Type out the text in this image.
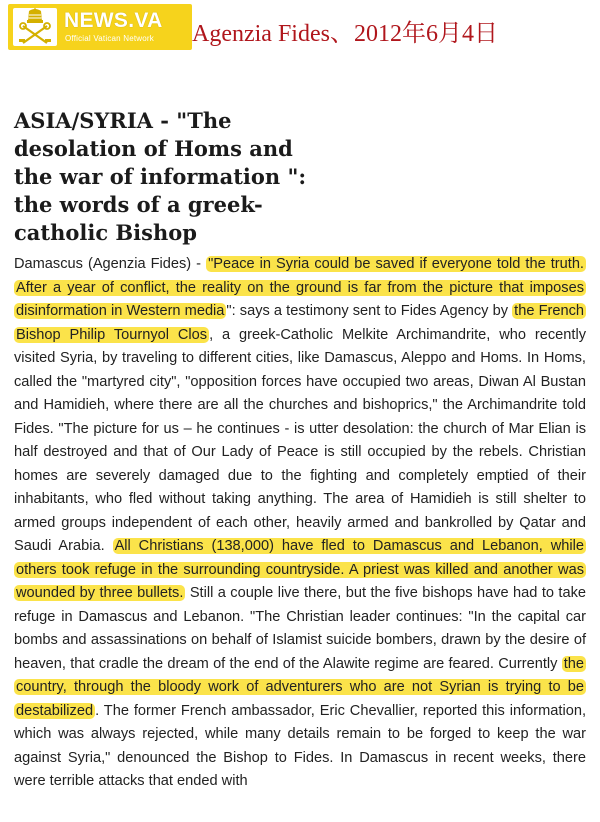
NEWS.VA
Official Vatican Network Agenzia Fides、2012年6月4日
ASIA/SYRIA - "The desolation of Homs and the war of information ": the words of a greek-catholic Bishop

Damascus (Agenzia Fides) - "Peace in Syria could be saved if everyone told the truth. After a year of conflict, the reality on the ground is far from the picture that imposes disinformation in Western media ": says a testimony sent to Fides Agency by the French Bishop Philip Tournyol Clos , a greek-Catholic Melkite Archimandrite, who recently visited Syria, by traveling to different cities, like Damascus, Aleppo and Homs. In Homs, called the "martyred city", "opposition forces have occupied two areas, Diwan Al Bustan and Hamidieh, where there are all the churches and bishoprics," the Archimandrite told Fides. "The picture for us – he continues - is utter desolation: the church of Mar Elian is half destroyed and that of Our Lady of Peace is still occupied by the rebels. Christian homes are severely damaged due to the fighting and completely emptied of their inhabitants, who fled without taking anything. The area of Hamidieh is still shelter to armed groups independent of each other, heavily armed and bankrolled by Qatar and Saudi Arabia. All Christians (138,000) have fled to Damascus and Lebanon, while others took refuge in the surrounding countryside. A priest was killed and another was wounded by three bullets. Still a couple live there, but the five bishops have had to take refuge in Damascus and Lebanon. "The Christian leader continues: "In the capital car bombs and assassinations on behalf of Islamist suicide bombers, drawn by the desire of heaven, that cradle the dream of the end of the Alawite regime are feared. Currently the country, through the bloody work of adventurers who are not Syrian is trying to be destabilized . The former French ambassador, Eric Chevallier, reported this information, which was always rejected, while many details remain to be forged to keep the war against Syria," denounced the Bishop to Fides. In Damascus in recent weeks, there were terrible attacks that ended with
